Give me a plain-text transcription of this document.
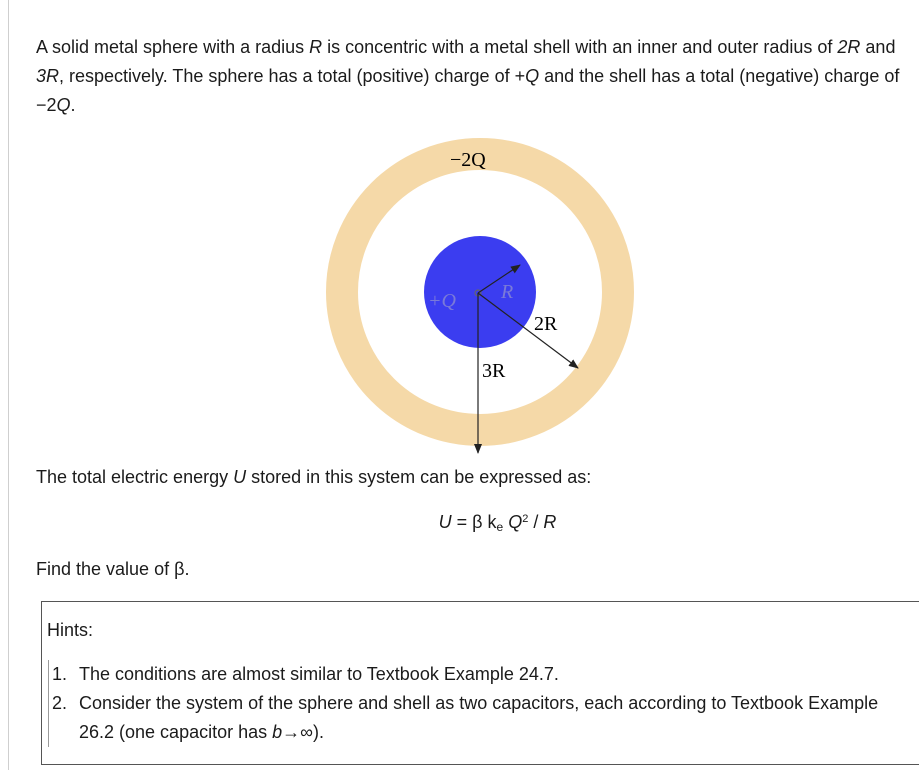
A solid metal sphere with a radius R is concentric with a metal shell with an inner and outer radius of 2R and 3R, respectively. The sphere has a total (positive) charge of +Q and the shell has a total (negative) charge of −2Q.

−2Q
+Q R
2R
3R

The total electric energy U stored in this system can be expressed as:

U = β $k_e$ $Q^2$ / R

Find the value of β.

Hints:
1. The conditions are almost similar to Textbook Example 24.7.
2. Consider the system of the sphere and shell as two capacitors, each according to Textbook Example 26.2 (one capacitor has b→∞).
